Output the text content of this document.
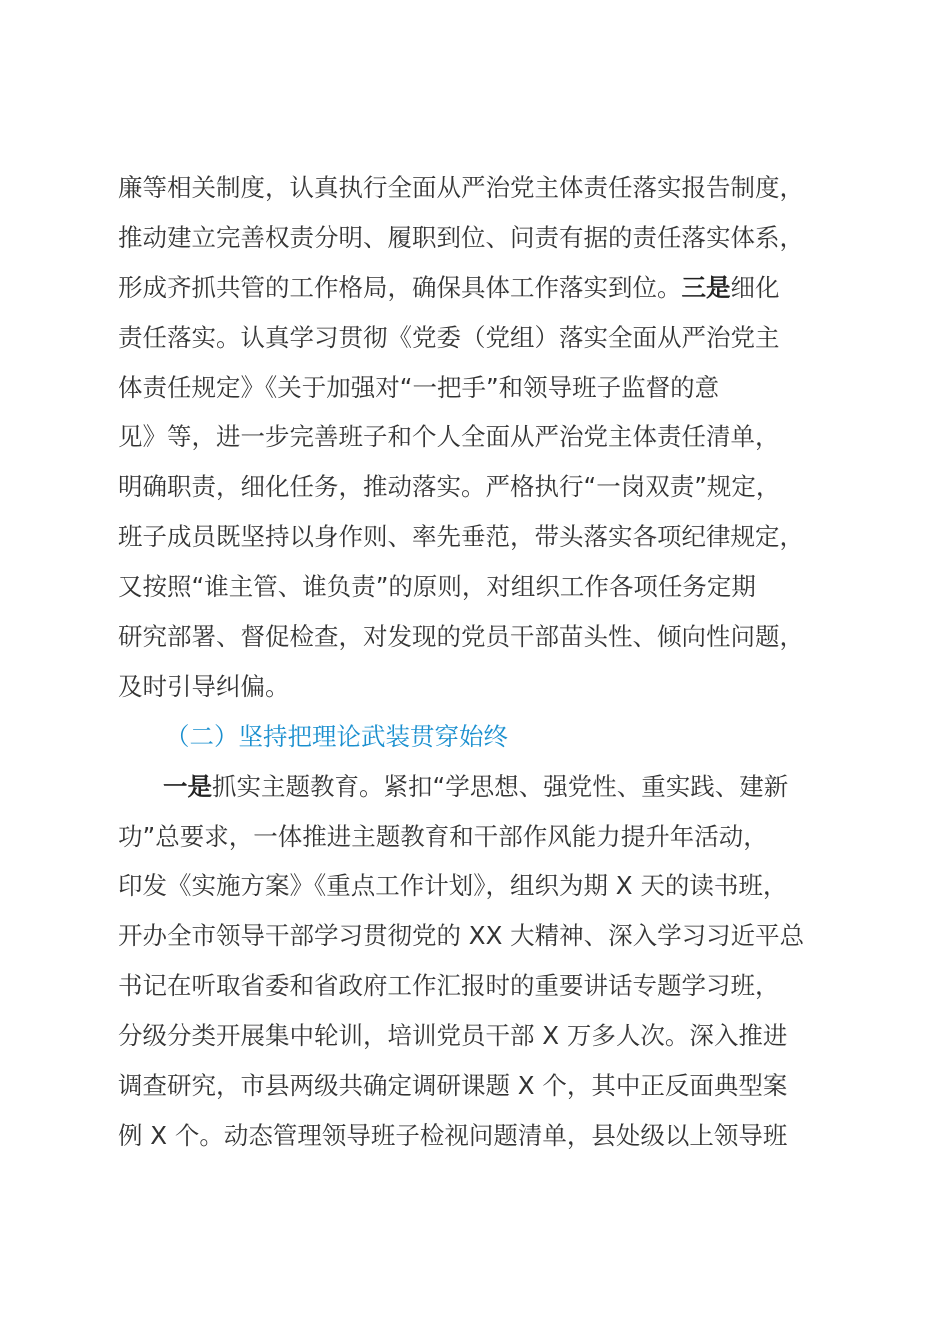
廉等相关制度，认真执行全面从严治党主体责任落实报告制度，
推动建立完善权责分明、履职到位、问责有据的责任落实体系，
形成齐抓共管的工作格局，确保具体工作落实到位。三是细化
责任落实。认真学习贯彻《党委（党组）落实全面从严治党主
体责任规定》《关于加强对“一把手”和领导班子监督的意
见》等，进一步完善班子和个人全面从严治党主体责任清单，
明确职责，细化任务，推动落实。严格执行“一岗双责”规定，
班子成员既坚持以身作则、率先垂范，带头落实各项纪律规定，
又按照“谁主管、谁负责”的原则，对组织工作各项任务定期
研究部署、督促检查，对发现的党员干部苗头性、倾向性问题，
及时引导纠偏。
（二）坚持把理论武装贯穿始终
一是抓实主题教育。紧扣“学思想、强党性、重实践、建新
功”总要求，一体推进主题教育和干部作风能力提升年活动，
印发《实施方案》《重点工作计划》，组织为期 X 天的读书班，
开办全市领导干部学习贯彻党的 XX 大精神、深入学习习近平总
书记在听取省委和省政府工作汇报时的重要讲话专题学习班，
分级分类开展集中轮训，培训党员干部 X 万多人次。深入推进
调查研究，市县两级共确定调研课题 X 个，其中正反面典型案
例 X 个。动态管理领导班子检视问题清单，县处级以上领导班
